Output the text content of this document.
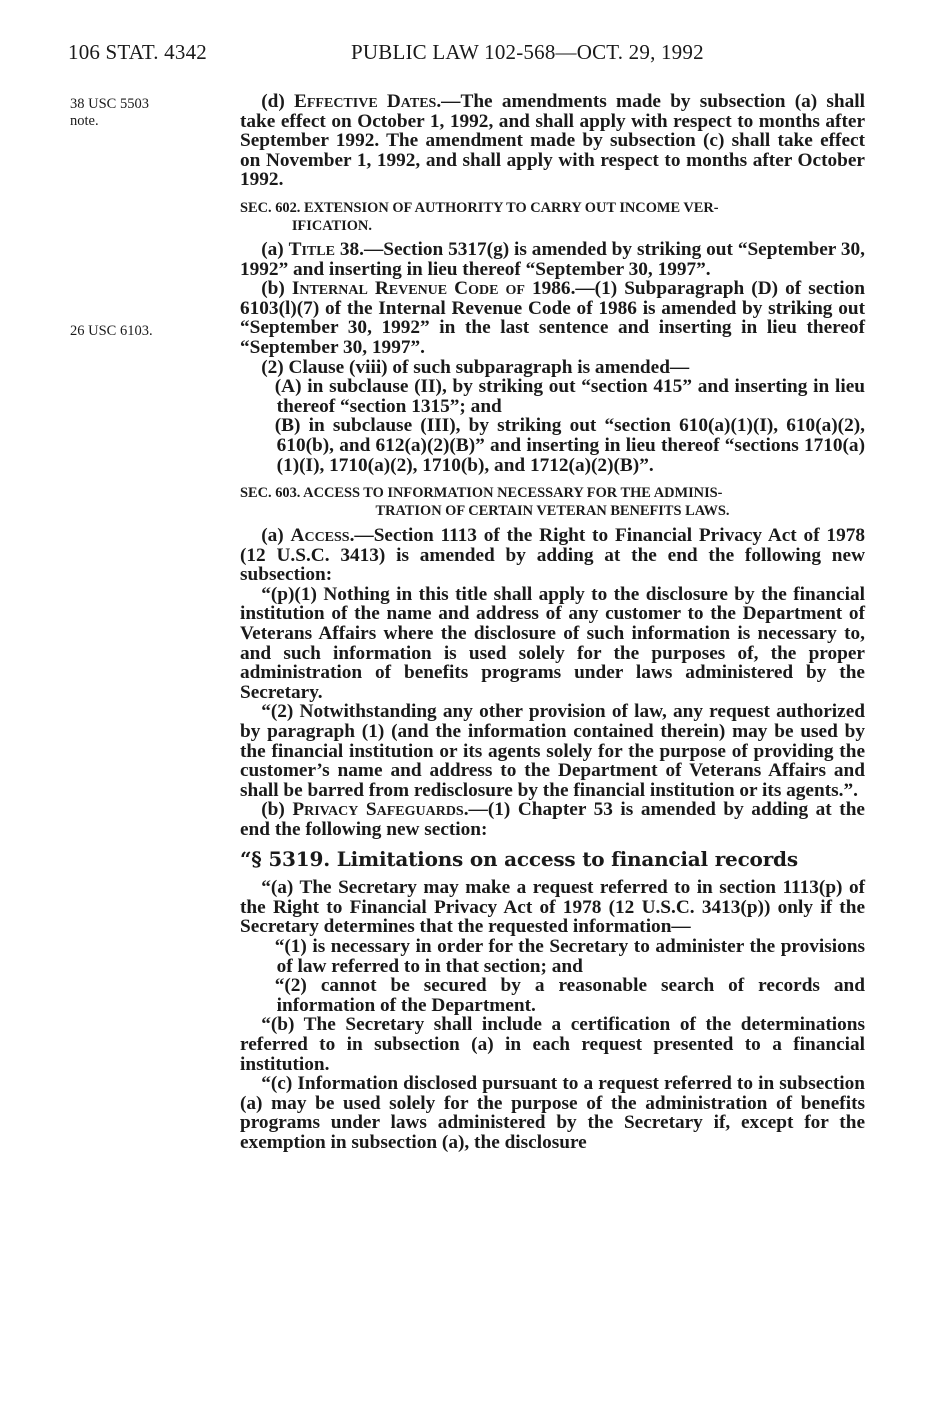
106 STAT. 4342	PUBLIC LAW 102-568—OCT. 29, 1992
38 USC 5503
note.
26 USC 6103.

(d) Effective Dates.—The amendments made by subsection (a) shall take effect on October 1, 1992, and shall apply with respect to months after September 1992. The amendment made by subsection (c) shall take effect on November 1, 1992, and shall apply with respect to months after October 1992.

SEC. 602. EXTENSION OF AUTHORITY TO CARRY OUT INCOME VER-
IFICATION.

(a) Title 38.—Section 5317(g) is amended by striking out “September 30, 1992” and inserting in lieu thereof “September 30, 1997”.

(b) Internal Revenue Code of 1986.—(1) Subparagraph (D) of section 6103(l)(7) of the Internal Revenue Code of 1986 is amended by striking out “September 30, 1992” in the last sentence and inserting in lieu thereof “September 30, 1997”.

(2) Clause (viii) of such subparagraph is amended—

(A) in subclause (II), by striking out “section 415” and inserting in lieu thereof “section 1315”; and

(B) in subclause (III), by striking out “section 610(a)(1)(I), 610(a)(2), 610(b), and 612(a)(2)(B)” and inserting in lieu thereof “sections 1710(a)(1)(I), 1710(a)(2), 1710(b), and 1712(a)(2)(B)”.

SEC. 603. ACCESS TO INFORMATION NECESSARY FOR THE ADMINIS-
TRATION OF CERTAIN VETERAN BENEFITS LAWS.

(a) Access.—Section 1113 of the Right to Financial Privacy Act of 1978 (12 U.S.C. 3413) is amended by adding at the end the following new subsection:

“(p)(1) Nothing in this title shall apply to the disclosure by the financial institution of the name and address of any customer to the Department of Veterans Affairs where the disclosure of such information is necessary to, and such information is used solely for the purposes of, the proper administration of benefits programs under laws administered by the Secretary.

“(2) Notwithstanding any other provision of law, any request authorized by paragraph (1) (and the information contained therein) may be used by the financial institution or its agents solely for the purpose of providing the customer’s name and address to the Department of Veterans Affairs and shall be barred from redisclosure by the financial institution or its agents.”.

(b) Privacy Safeguards.—(1) Chapter 53 is amended by adding at the end the following new section:

“§ 5319. Limitations on access to financial records

“(a) The Secretary may make a request referred to in section 1113(p) of the Right to Financial Privacy Act of 1978 (12 U.S.C. 3413(p)) only if the Secretary determines that the requested information—

“(1) is necessary in order for the Secretary to administer the provisions of law referred to in that section; and

“(2) cannot be secured by a reasonable search of records and information of the Department.

“(b) The Secretary shall include a certification of the determinations referred to in subsection (a) in each request presented to a financial institution.

“(c) Information disclosed pursuant to a request referred to in subsection (a) may be used solely for the purpose of the administration of benefits programs under laws administered by the Secretary if, except for the exemption in subsection (a), the disclosure
